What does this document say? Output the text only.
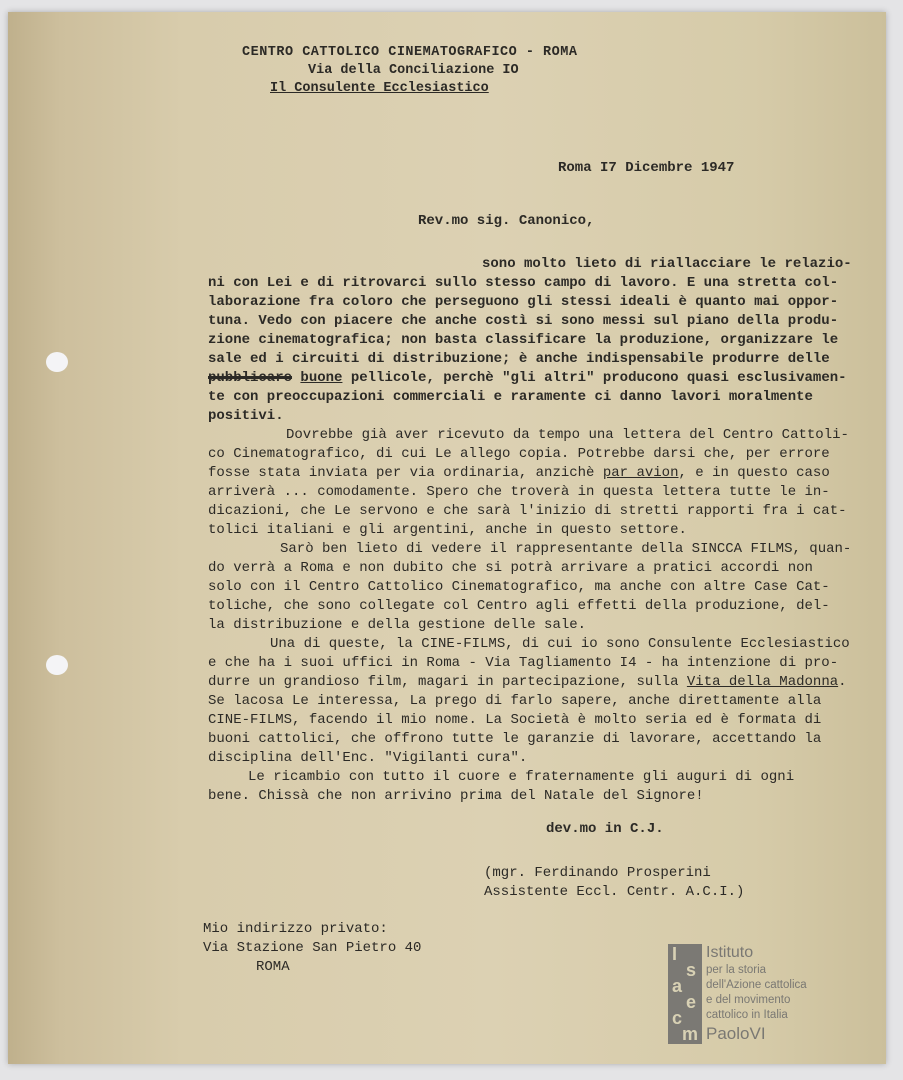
CENTRO CATTOLICO CINEMATOGRAFICO - ROMA
Via della Conciliazione IO
Il Consulente Ecclesiastico
Roma I7 Dicembre 1947
Rev.mo sig. Canonico,
sono molto lieto di riallacciare le relazio-
ni con Lei e di ritrovarci sullo stesso campo di lavoro. E una stretta col-
laborazione fra coloro che perseguono gli stessi ideali è quanto mai oppor-
tuna. Vedo con piacere che anche costì si sono messi sul piano della produ-
zione cinematografica; non basta classificare la produzione, organizzare le
sale ed i circuiti di distribuzione; è anche indispensabile produrre delle
pubblicare buone pellicole, perchè "gli altri" producono quasi esclusivamen-
te con preoccupazioni commerciali e raramente ci danno lavori moralmente
positivi.
Dovrebbe già aver ricevuto da tempo una lettera del Centro Cattoli-
co Cinematografico, di cui Le allego copia. Potrebbe darsi che, per errore
fosse stata inviata per via ordinaria, anzichè par avion, e in questo caso
arriverà ... comodamente. Spero che troverà in questa lettera tutte le in-
dicazioni, che Le servono e che sarà l'inizio di stretti rapporti fra i cat-
tolici italiani e gli argentini, anche in questo settore.
Sarò ben lieto di vedere il rappresentante della SINCCA FILMS, quan-
do verrà a Roma e non dubito che si potrà arrivare a pratici accordi non
solo con il Centro Cattolico Cinematografico, ma anche con altre Case Cat-
toliche, che sono collegate col Centro agli effetti della produzione, del-
la distribuzione e della gestione delle sale.
Una di queste, la CINE-FILMS, di cui io sono Consulente Ecclesiastico
e che ha i suoi uffici in Roma - Via Tagliamento I4 - ha intenzione di pro-
durre un grandioso film, magari in partecipazione, sulla Vita della Madonna.
Se lacosa Le interessa, La prego di farlo sapere, anche direttamente alla
CINE-FILMS, facendo il mio nome. La Società è molto seria ed è formata di
buoni cattolici, che offrono tutte le garanzie di lavorare, accettando la
disciplina dell'Enc. "Vigilanti cura".
Le ricambio con tutto il cuore e fraternamente gli auguri di ogni
bene. Chissà che non arrivino prima del Natale del Signore!
dev.mo in C.J.
(mgr. Ferdinando Prosperini
Assistente Eccl. Centr. A.C.I.)
Mio indirizzo privato:
Via Stazione San Pietro 40
ROMA
I
s
a
e
c
m
Istituto
per la storia
dell'Azione cattolica
e del movimento
cattolico in Italia
PaoloVI
